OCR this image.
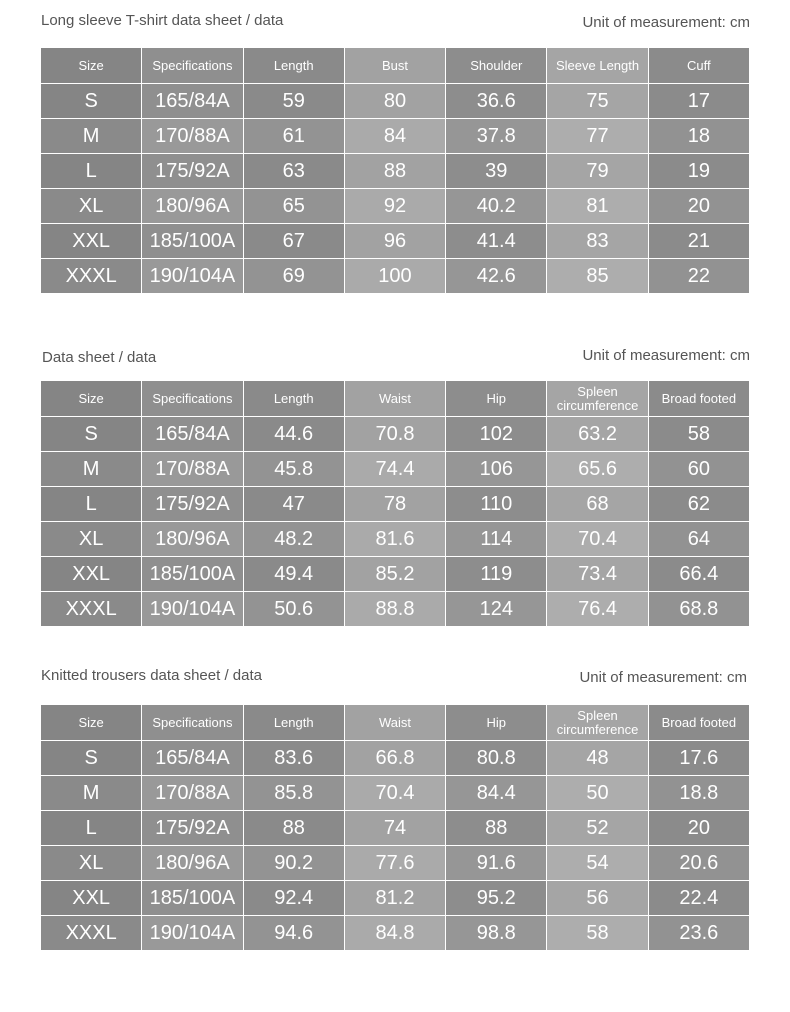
Long sleeve T-shirt data sheet / data	Unit of measurement: cm
Size	Specifications	Length	Bust	Shoulder	Sleeve Length	Cuff
S	165/84A	59	80	36.6	75	17
M	170/88A	61	84	37.8	77	18
L	175/92A	63	88	39	79	19
XL	180/96A	65	92	40.2	81	20
XXL	185/100A	67	96	41.4	83	21
XXXL	190/104A	69	100	42.6	85	22
Data sheet / data	Unit of measurement: cm
Size	Specifications	Length	Waist	Hip	Spleen circumference	Broad footed
S	165/84A	44.6	70.8	102	63.2	58
M	170/88A	45.8	74.4	106	65.6	60
L	175/92A	47	78	110	68	62
XL	180/96A	48.2	81.6	114	70.4	64
XXL	185/100A	49.4	85.2	119	73.4	66.4
XXXL	190/104A	50.6	88.8	124	76.4	68.8
Knitted trousers data sheet / data	Unit of measurement: cm
Size	Specifications	Length	Waist	Hip	Spleen circumference	Broad footed
S	165/84A	83.6	66.8	80.8	48	17.6
M	170/88A	85.8	70.4	84.4	50	18.8
L	175/92A	88	74	88	52	20
XL	180/96A	90.2	77.6	91.6	54	20.6
XXL	185/100A	92.4	81.2	95.2	56	22.4
XXXL	190/104A	94.6	84.8	98.8	58	23.6
